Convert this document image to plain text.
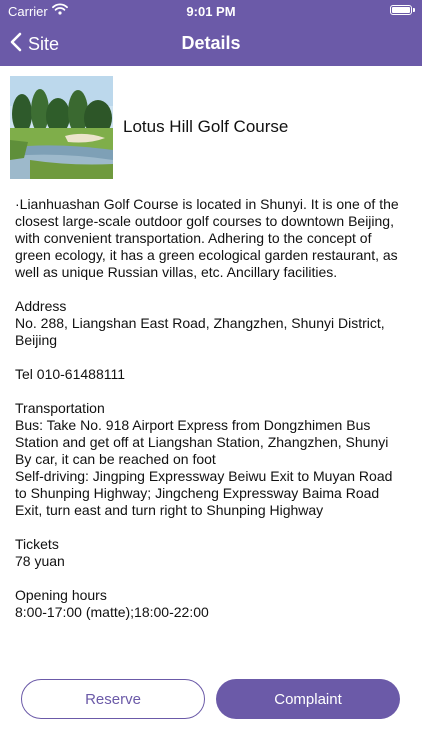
Carrier	9:01 PM
Site	Details
Lotus Hill Golf Course

·Lianhuashan Golf Course is located in Shunyi. It is one of the closest large-scale outdoor golf courses to downtown Beijing, with convenient transportation. Adhering to the concept of green ecology, it has a green ecological garden restaurant, as well as unique Russian villas, etc. Ancillary facilities.

Address

No. 288, Liangshan East Road, Zhangzhen, Shunyi District, Beijing

Tel 010-61488111

Transportation

Bus: Take No. 918 Airport Express from Dongzhimen Bus Station and get off at Liangshan Station, Zhangzhen, Shunyi By car, it can be reached on foot

Self-driving: Jingping Expressway Beiwu Exit to Muyan Road to Shunping Highway; Jingcheng Expressway Baima Road Exit, turn east and turn right to Shunping Highway

Tickets

78 yuan

Opening hours

8:00-17:00 (matte);18:00-22:00

Reserve	Complaint
